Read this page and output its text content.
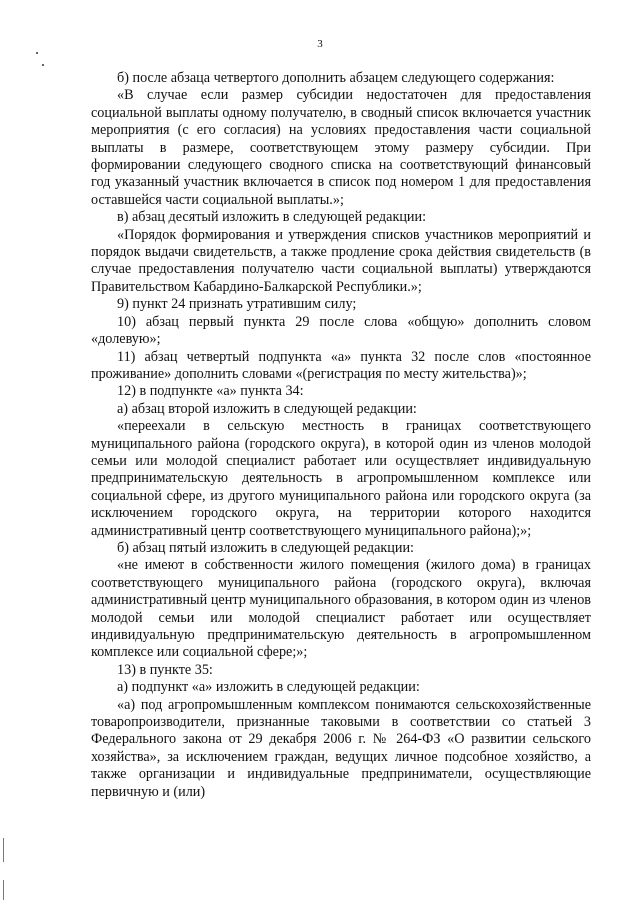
3

б) после абзаца четвертого дополнить абзацем следующего содержания:

«В случае если размер субсидии недостаточен для предоставления социальной выплаты одному получателю, в сводный список включается участник мероприятия (с его согласия) на условиях предоставления части социальной выплаты в размере, соответствующем этому размеру субсидии. При формировании следующего сводного списка на соответствующий финансовый год указанный участник включается в список под номером 1 для предоставления оставшейся части социальной выплаты.»;

в) абзац десятый изложить в следующей редакции:

«Порядок формирования и утверждения списков участников мероприятий и порядок выдачи свидетельств, а также продление срока действия свидетельств (в случае предоставления получателю части социальной выплаты) утверждаются Правительством Кабардино-Балкарской Республики.»;

9) пункт 24 признать утратившим силу;

10) абзац первый пункта 29 после слова «общую» дополнить словом «долевую»;

11) абзац четвертый подпункта «а» пункта 32 после слов «постоянное проживание» дополнить словами «(регистрация по месту жительства)»;

12) в подпункте «а» пункта 34:

а) абзац второй изложить в следующей редакции:

«переехали в сельскую местность в границах соответствующего муниципального района (городского округа), в которой один из членов молодой семьи или молодой специалист работает или осуществляет индивидуальную предпринимательскую деятельность в агропромышленном комплексе или социальной сфере, из другого муниципального района или городского округа (за исключением городского округа, на территории которого находится административный центр соответствующего муниципального района);»;

б) абзац пятый изложить в следующей редакции:

«не имеют в собственности жилого помещения (жилого дома) в границах соответствующего муниципального района (городского округа), включая административный центр муниципального образования, в котором один из членов молодой семьи или молодой специалист работает или осуществляет индивидуальную предпринимательскую деятельность в агропромышленном комплексе или социальной сфере;»;

13) в пункте 35:

а) подпункт «а» изложить в следующей редакции:

«а) под агропромышленным комплексом понимаются сельскохозяйственные товаропроизводители, признанные таковыми в соответствии со статьей 3 Федерального закона от 29 декабря 2006 г. № 264-ФЗ «О развитии сельского хозяйства», за исключением граждан, ведущих личное подсобное хозяйство, а также организации и индивидуальные предприниматели, осуществляющие первичную и (или)
